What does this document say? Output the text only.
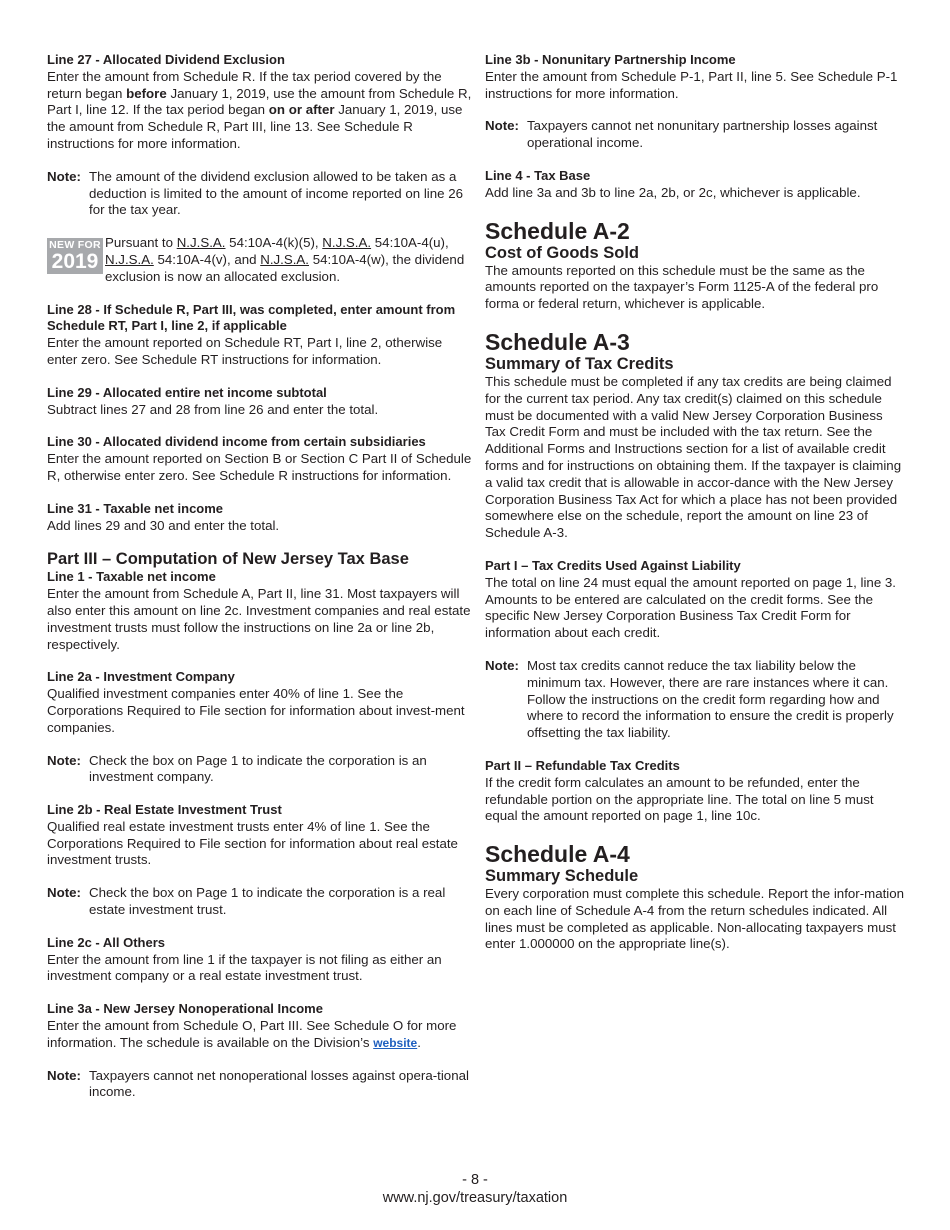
Line 27 - Allocated Dividend Exclusion
Enter the amount from Schedule R. If the tax period covered by the return began before January 1, 2019, use the amount from Schedule R, Part I, line 12. If the tax period began on or after January 1, 2019, use the amount from Schedule R, Part III, line 13. See Schedule R instructions for more information.
Note: The amount of the dividend exclusion allowed to be taken as a deduction is limited to the amount of income reported on line 26 for the tax year.
NEW FOR
2019
Pursuant to N.J.S.A. 54:10A-4(k)(5), N.J.S.A. 54:10A-4(u), N.J.S.A. 54:10A-4(v), and N.J.S.A. 54:10A-4(w), the dividend exclusion is now an allocated exclusion.
Line 28 - If Schedule R, Part III, was completed, enter amount from Schedule RT, Part I, line 2, if applicable
Enter the amount reported on Schedule RT, Part I, line 2, otherwise enter zero. See Schedule RT instructions for information.
Line 29 - Allocated entire net income subtotal
Subtract lines 27 and 28 from line 26 and enter the total.
Line 30 - Allocated dividend income from certain subsidiaries
Enter the amount reported on Section B or Section C Part II of Schedule R, otherwise enter zero. See Schedule R instructions for information.
Line 31 - Taxable net income
Add lines 29 and 30 and enter the total.
Part III – Computation of New Jersey Tax Base
Line 1 - Taxable net income
Enter the amount from Schedule A, Part II, line 31. Most taxpayers will also enter this amount on line 2c. Investment companies and real estate investment trusts must follow the instructions on line 2a or line 2b, respectively.
Line 2a - Investment Company
Qualified investment companies enter 40% of line 1. See the Corporations Required to File section for information about invest-ment companies.
Note: Check the box on Page 1 to indicate the corporation is an investment company.
Line 2b - Real Estate Investment Trust
Qualified real estate investment trusts enter 4% of line 1. See the Corporations Required to File section for information about real estate investment trusts.
Note: Check the box on Page 1 to indicate the corporation is a real estate investment trust.
Line 2c - All Others
Enter the amount from line 1 if the taxpayer is not filing as either an investment company or a real estate investment trust.
Line 3a - New Jersey Nonoperational Income
Enter the amount from Schedule O, Part III. See Schedule O for more information. The schedule is available on the Division’s website.
Note: Taxpayers cannot net nonoperational losses against opera-tional income.
Line 3b - Nonunitary Partnership Income
Enter the amount from Schedule P-1, Part II, line 5. See Schedule P-1 instructions for more information.
Note: Taxpayers cannot net nonunitary partnership losses against operational income.
Line 4 - Tax Base
Add line 3a and 3b to line 2a, 2b, or 2c, whichever is applicable.
Schedule A-2
Cost of Goods Sold
The amounts reported on this schedule must be the same as the amounts reported on the taxpayer’s Form 1125-A of the federal pro forma or federal return, whichever is applicable.
Schedule A-3
Summary of Tax Credits
This schedule must be completed if any tax credits are being claimed for the current tax period. Any tax credit(s) claimed on this schedule must be documented with a valid New Jersey Corporation Business Tax Credit Form and must be included with the tax return. See the Additional Forms and Instructions section for a list of available credit forms and for instructions on obtaining them. If the taxpayer is claiming a valid tax credit that is allowable in accor-dance with the New Jersey Corporation Business Tax Act for which a place has not been provided somewhere else on the schedule, report the amount on line 23 of Schedule A-3.
Part I – Tax Credits Used Against Liability
The total on line 24 must equal the amount reported on page 1, line 3. Amounts to be entered are calculated on the credit forms. See the specific New Jersey Corporation Business Tax Credit Form for information about each credit.
Note: Most tax credits cannot reduce the tax liability below the minimum tax. However, there are rare instances where it can. Follow the instructions on the credit form regarding how and where to record the information to ensure the credit is properly offsetting the tax liability.
Part II – Refundable Tax Credits
If the credit form calculates an amount to be refunded, enter the refundable portion on the appropriate line. The total on line 5 must equal the amount reported on page 1, line 10c.
Schedule A-4
Summary Schedule
Every corporation must complete this schedule. Report the infor-mation on each line of Schedule A-4 from the return schedules indicated. All lines must be completed as applicable. Non-allocating taxpayers must enter 1.000000 on the appropriate line(s).
- 8 -
www.nj.gov/treasury/taxation
